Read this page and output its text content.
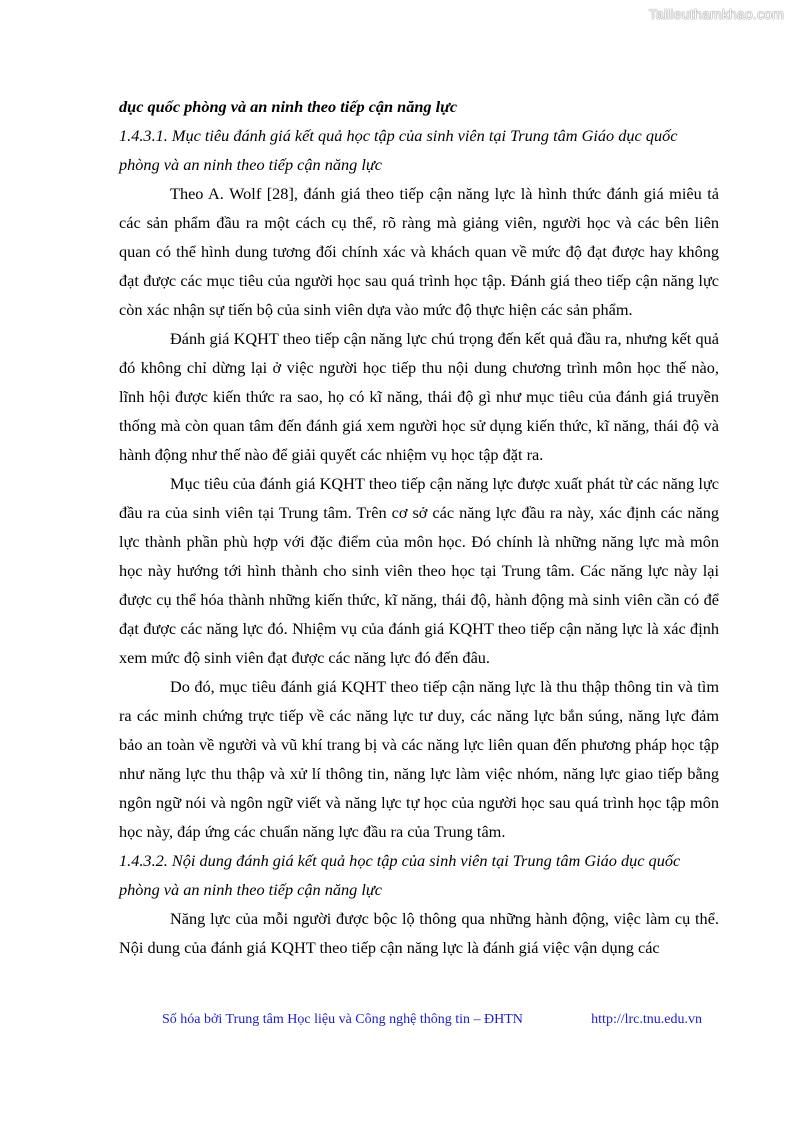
Tailieuthamkhao.com

dục quốc phòng và an ninh theo tiếp cận năng lực

1.4.3.1. Mục tiêu đánh giá kết quả học tập của sinh viên tại Trung tâm Giáo dục quốc phòng và an ninh theo tiếp cận năng lực

Theo A. Wolf [28], đánh giá theo tiếp cận năng lực là hình thức đánh giá miêu tả các sản phẩm đầu ra một cách cụ thể, rõ ràng mà giảng viên, người học và các bên liên quan có thể hình dung tương đối chính xác và khách quan về mức độ đạt được hay không đạt được các mục tiêu của người học sau quá trình học tập. Đánh giá theo tiếp cận năng lực còn xác nhận sự tiến bộ của sinh viên dựa vào mức độ thực hiện các sản phẩm.

Đánh giá KQHT theo tiếp cận năng lực chú trọng đến kết quả đầu ra, nhưng kết quả đó không chỉ dừng lại ở việc người học tiếp thu nội dung chương trình môn học thế nào, lĩnh hội được kiến thức ra sao, họ có kĩ năng, thái độ gì như mục tiêu của đánh giá truyền thống mà còn quan tâm đến đánh giá xem người học sử dụng kiến thức, kĩ năng, thái độ và hành động như thế nào để giải quyết các nhiệm vụ học tập đặt ra.

Mục tiêu của đánh giá KQHT theo tiếp cận năng lực được xuất phát từ các năng lực đầu ra của sinh viên tại Trung tâm. Trên cơ sở các năng lực đầu ra này, xác định các năng lực thành phần phù hợp với đặc điểm của môn học. Đó chính là những năng lực mà môn học này hướng tới hình thành cho sinh viên theo học tại Trung tâm. Các năng lực này lại được cụ thể hóa thành những kiến thức, kĩ năng, thái độ, hành động mà sinh viên cần có để đạt được các năng lực đó. Nhiệm vụ của đánh giá KQHT theo tiếp cận năng lực là xác định xem mức độ sinh viên đạt được các năng lực đó đến đâu.

Do đó, mục tiêu đánh giá KQHT theo tiếp cận năng lực là thu thập thông tin và tìm ra các minh chứng trực tiếp về các năng lực tư duy, các năng lực bắn súng, năng lực đảm bảo an toàn về người và vũ khí trang bị và các năng lực liên quan đến phương pháp học tập như năng lực thu thập và xử lí thông tin, năng lực làm việc nhóm, năng lực giao tiếp bằng ngôn ngữ nói và ngôn ngữ viết và năng lực tự học của người học sau quá trình học tập môn học này, đáp ứng các chuẩn năng lực đầu ra của Trung tâm.

1.4.3.2. Nội dung đánh giá kết quả học tập của sinh viên tại Trung tâm Giáo dục quốc phòng và an ninh theo tiếp cận năng lực

Năng lực của mỗi người được bộc lộ thông qua những hành động, việc làm cụ thể. Nội dung của đánh giá KQHT theo tiếp cận năng lực là đánh giá việc vận dụng các

Số hóa bởi Trung tâm Học liệu và Công nghệ thông tin – ĐHTN	http://lrc.tnu.edu.vn
